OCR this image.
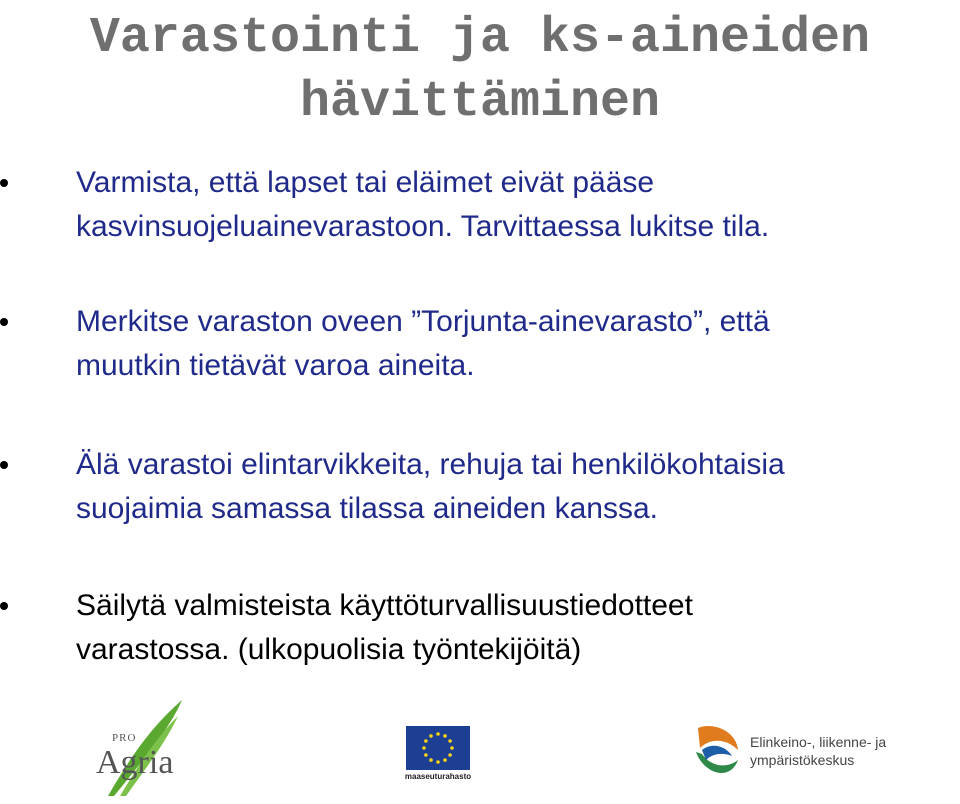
Varastointi ja ks-aineiden
hävittäminen
Varmista, että lapset tai eläimet eivät pääse
kasvinsuojeluainevarastoon. Tarvittaessa lukitse tila.
Merkitse varaston oveen ”Torjunta-ainevarasto”, että
muutkin tietävät varoa aineita.
Älä varastoi elintarvikkeita, rehuja tai henkilökohtaisia
suojaimia samassa tilassa aineiden kanssa.
Säilytä valmisteista käyttöturvallisuustiedotteet
varastossa. (ulkopuolisia työntekijöitä)
PRO
Agria	maaseuturahasto
Elinkeino-, liikenne- ja
ympäristökeskus
